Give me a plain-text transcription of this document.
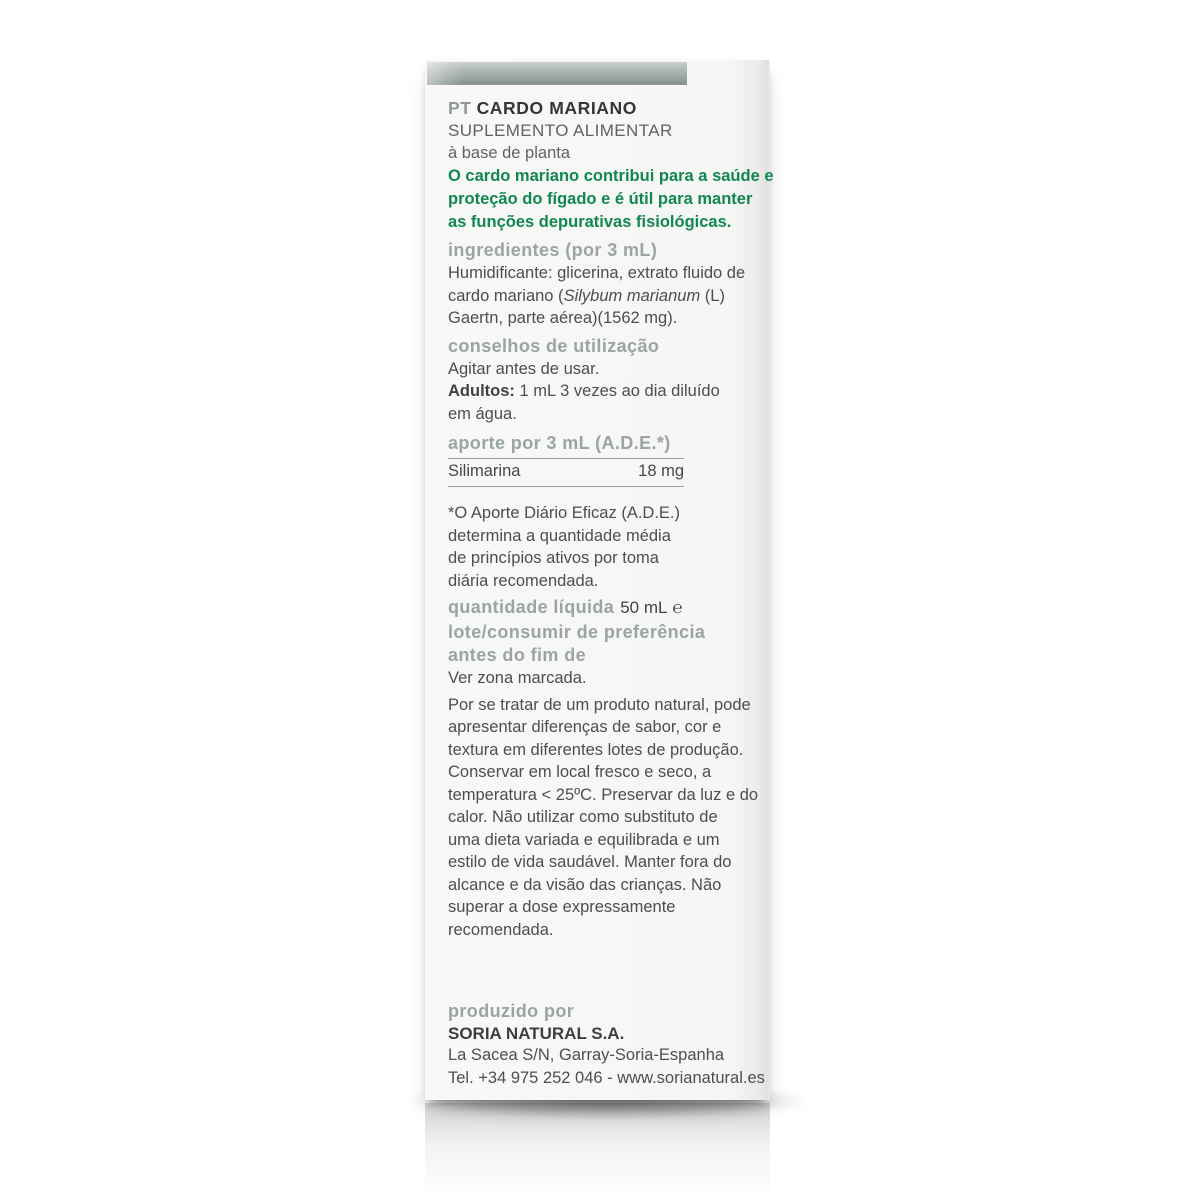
PT CARDO MARIANO
SUPLEMENTO ALIMENTAR
à base de planta
O cardo mariano contribui para a saúde e
proteção do fígado e é útil para manter
as funções depurativas fisiológicas.
ingredientes (por 3 mL)
Humidificante: glicerina, extrato fluido de
cardo mariano (Silybum marianum (L)
Gaertn, parte aérea)(1562 mg).
conselhos de utilização
Agitar antes de usar.
Adultos: 1 mL 3 vezes ao dia diluído
em água.
aporte por 3 mL (A.D.E.*)
Silimarina	18 mg
*O Aporte Diário Eficaz (A.D.E.)
determina a quantidade média
de princípios ativos por toma
diária recomendada.
quantidade líquida 50 mL ℮
lote/consumir de preferência
antes do fim de
Ver zona marcada.
Por se tratar de um produto natural, pode
apresentar diferenças de sabor, cor e
textura em diferentes lotes de produção.
Conservar em local fresco e seco, a
temperatura < 25ºC. Preservar da luz e do
calor. Não utilizar como substituto de
uma dieta variada e equilibrada e um
estilo de vida saudável. Manter fora do
alcance e da visão das crianças. Não
superar a dose expressamente
recomendada.
produzido por
SORIA NATURAL S.A.
La Sacea S/N, Garray-Soria-Espanha
Tel. +34 975 252 046 - www.sorianatural.es
